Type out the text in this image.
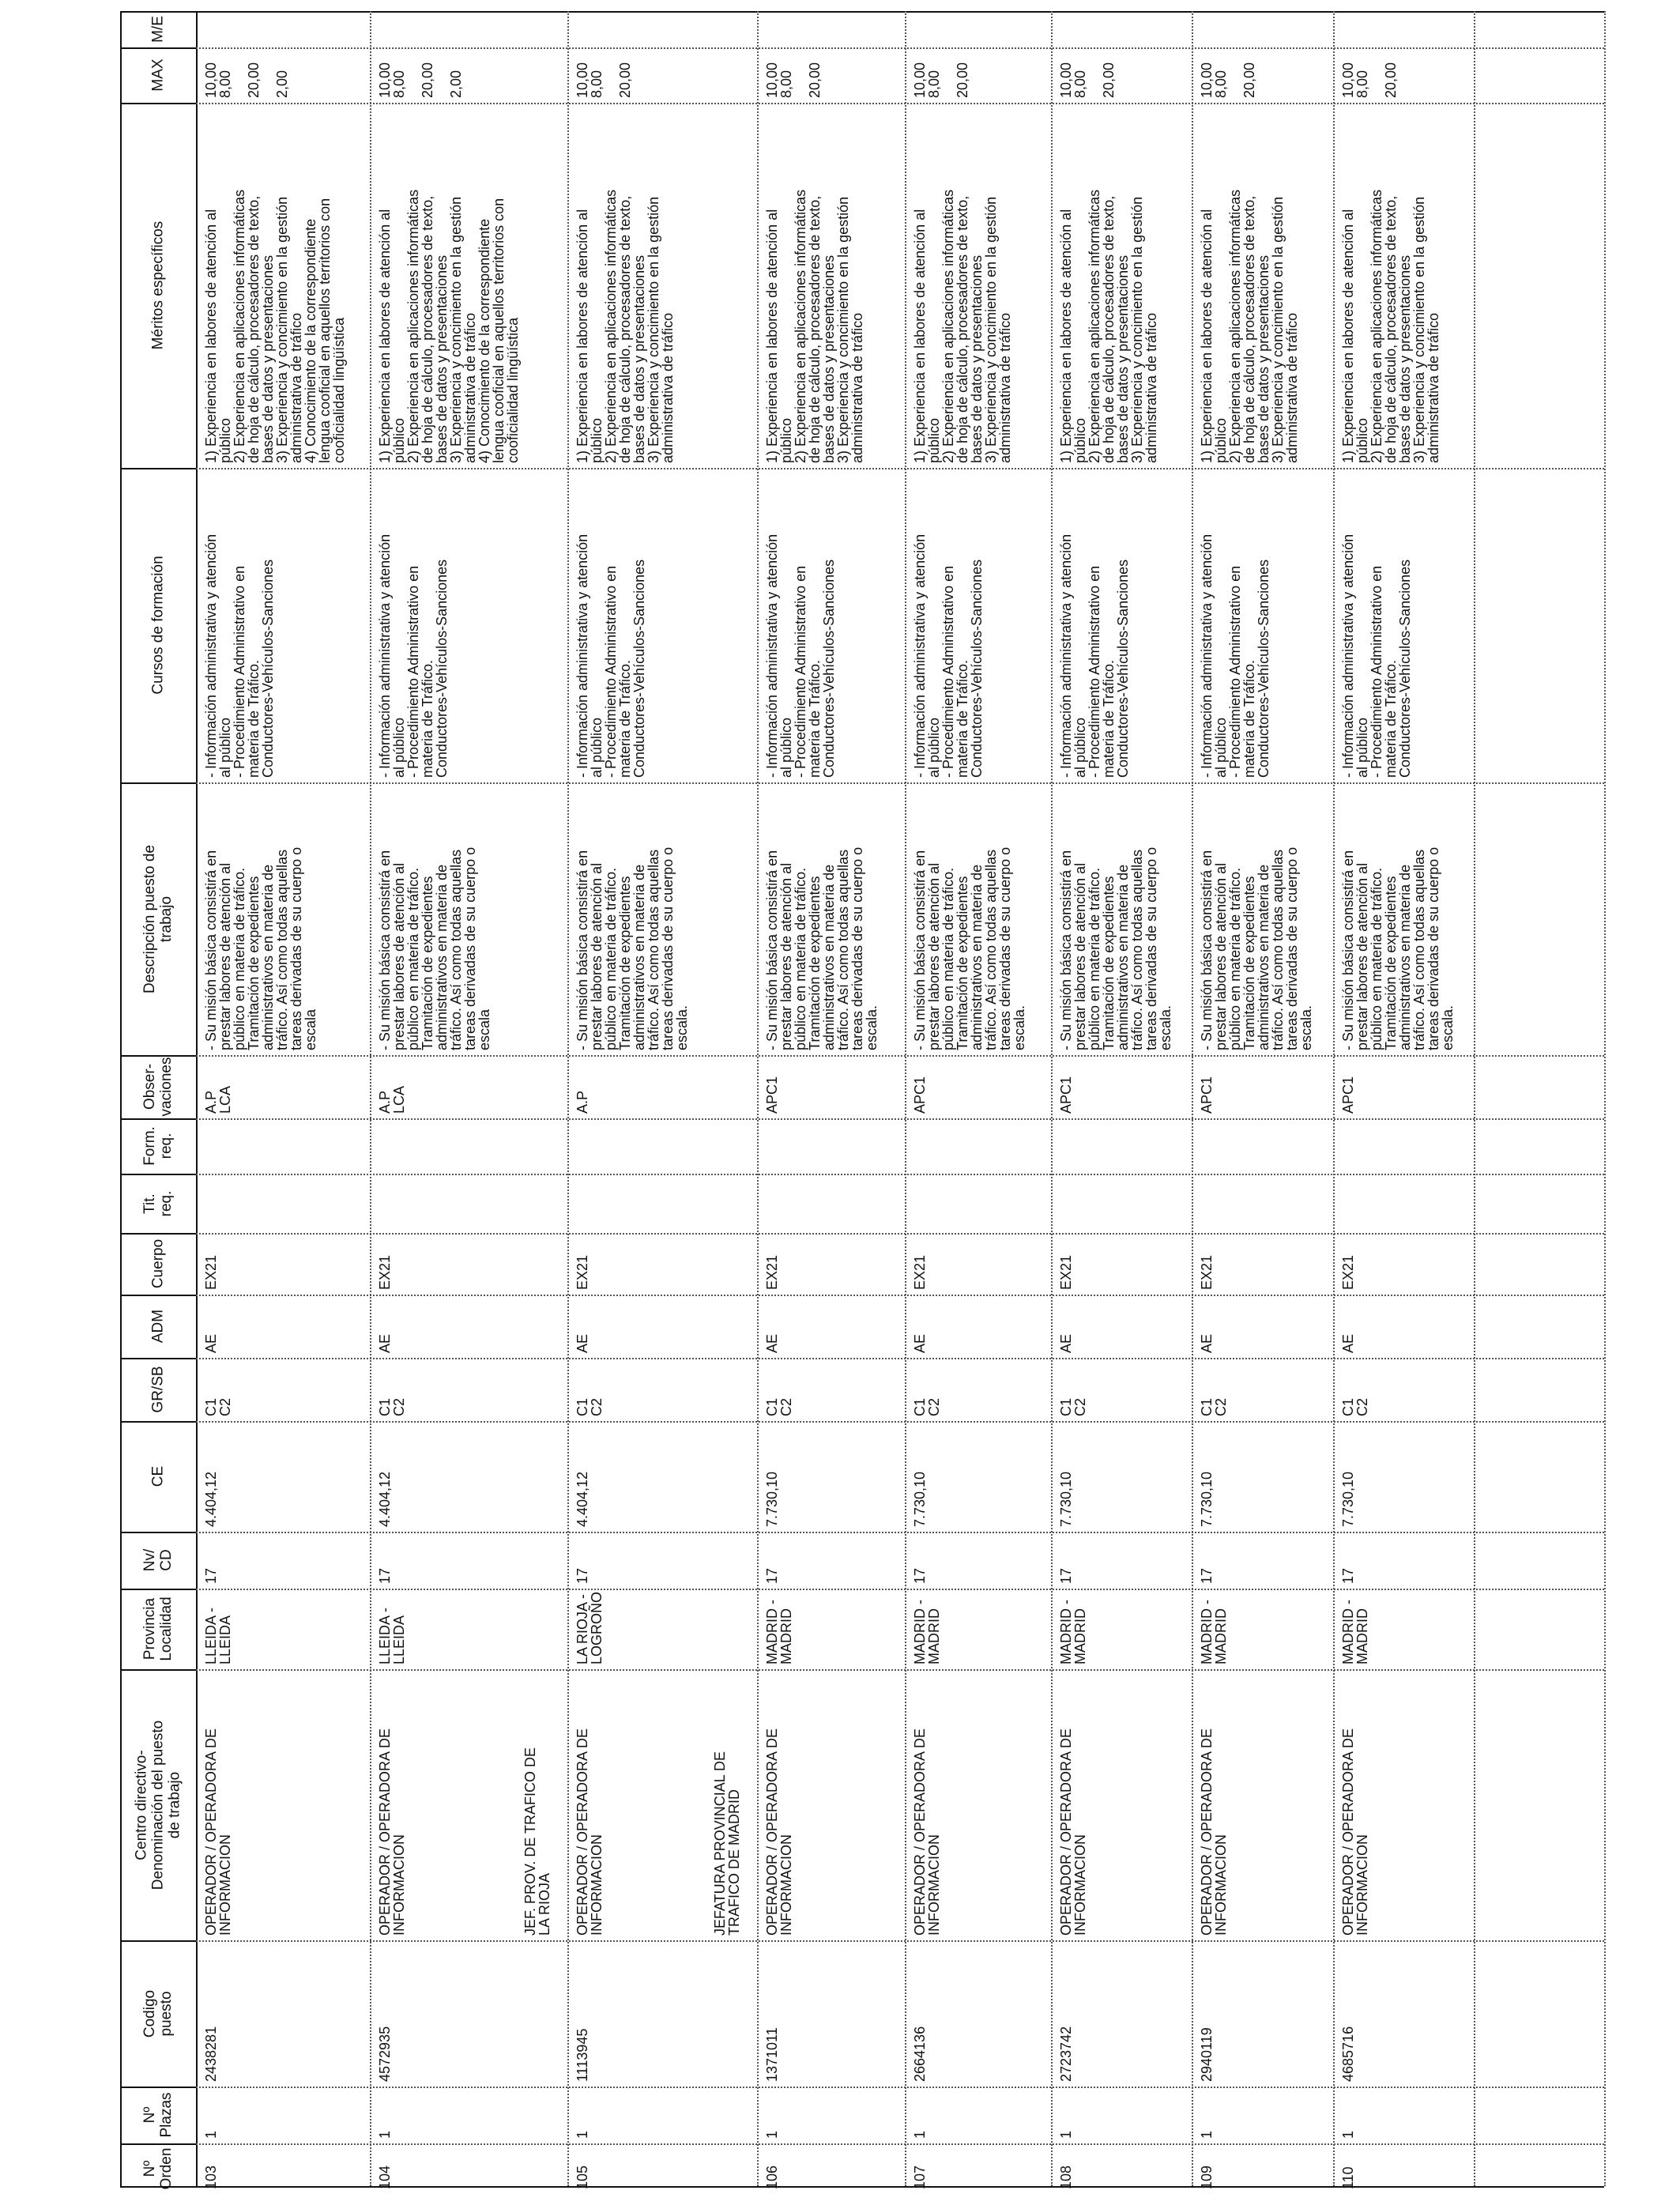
Nº
Orden
Nº
Plazas
Codigo
puesto
Centro directivo-
Denominación del puesto
de trabajo
Provincia
Localidad
Nv/
CD
CE
GR/SB
ADM
Cuerpo
Tit.
req.
Form.
req.
Obser-
vaciones
Descripción puesto de
trabajo
Cursos de formación
Méritos específicos
MAX
M/E
103
1
2438281
OPERADOR / OPERADORA DE
INFORMACION
LLEIDA -
LLEIDA
17
4.404,12
C1
C2
AE
EX21
A.P
LCA
- Su misión básica consistirá en
prestar labores de atención al
público en materia de tráfico.
Tramitación de expedientes
administrativos en materia de
tráfico. Así como todas aquellas
tareas derivadas de su cuerpo o
escala
- Información administrativa y atención
al público
- Procedimiento Administrativo en
materia de Tráfico.
Conductores-Vehículos-Sanciones
1) Experiencia en labores de atención al
público
2) Experiencia en aplicaciones informáticas
de hoja de cálculo, procesadores de texto,
bases de datos y presentaciones
3) Experiencia y concimiento en la gestión
administrativa de tráfico
4) Conocimiento de la correspondiente
lengua cooficial en aquellos territorios con
cooficialidad lingüística
10,00
8,00

20,00

2,00
104
1
4572935
OPERADOR / OPERADORA DE
INFORMACION
LLEIDA -
LLEIDA
17
4.404,12
C1
C2
AE
EX21
A.P
LCA
- Su misión básica consistirá en
prestar labores de atención al
público en materia de tráfico.
Tramitación de expedientes
administrativos en materia de
tráfico. Así como todas aquellas
tareas derivadas de su cuerpo o
escala
- Información administrativa y atención
al público
- Procedimiento Administrativo en
materia de Tráfico.
Conductores-Vehículos-Sanciones
1) Experiencia en labores de atención al
público
2) Experiencia en aplicaciones informáticas
de hoja de cálculo, procesadores de texto,
bases de datos y presentaciones
3) Experiencia y concimiento en la gestión
administrativa de tráfico
4) Conocimiento de la correspondiente
lengua cooficial en aquellos territorios con
cooficialidad lingüística
10,00
8,00

20,00

2,00
105
1
1113945
OPERADOR / OPERADORA DE
INFORMACION
LA RIOJA -
LOGROÑO
17
4.404,12
C1
C2
AE
EX21
A.P
- Su misión básica consistirá en
prestar labores de atención al
público en materia de tráfico.
Tramitación de expedientes
administrativos en materia de
tráfico. Así como todas aquellas
tareas derivadas de su cuerpo o
escala.
- Información administrativa y atención
al público
- Procedimiento Administrativo en
materia de Tráfico.
Conductores-Vehículos-Sanciones
1) Experiencia en labores de atención al
público
2) Experiencia en aplicaciones informáticas
de hoja de cálculo, procesadores de texto,
bases de datos y presentaciones
3) Experiencia y concimiento en la gestión
administrativa de tráfico
10,00
8,00

20,00
JEF. PROV. DE TRAFICO DE
LA RIOJA
106
1
1371011
OPERADOR / OPERADORA DE
INFORMACION
MADRID -
MADRID
17
7.730,10
C1
C2
AE
EX21
APC1
- Su misión básica consistirá en
prestar labores de atención al
público en materia de tráfico.
Tramitación de expedientes
administrativos en materia de
tráfico. Así como todas aquellas
tareas derivadas de su cuerpo o
escala.
- Información administrativa y atención
al público
- Procedimiento Administrativo en
materia de Tráfico.
Conductores-Vehículos-Sanciones
1) Experiencia en labores de atención al
público
2) Experiencia en aplicaciones informáticas
de hoja de cálculo, procesadores de texto,
bases de datos y presentaciones
3) Experiencia y concimiento en la gestión
administrativa de tráfico
10,00
8,00

20,00
JEFATURA PROVINCIAL DE
TRAFICO DE MADRID
107
1
2664136
OPERADOR / OPERADORA DE
INFORMACION
MADRID -
MADRID
17
7.730,10
C1
C2
AE
EX21
APC1
- Su misión básica consistirá en
prestar labores de atención al
público en materia de tráfico.
Tramitación de expedientes
administrativos en materia de
tráfico. Así como todas aquellas
tareas derivadas de su cuerpo o
escala.
- Información administrativa y atención
al público
- Procedimiento Administrativo en
materia de Tráfico.
Conductores-Vehículos-Sanciones
1) Experiencia en labores de atención al
público
2) Experiencia en aplicaciones informáticas
de hoja de cálculo, procesadores de texto,
bases de datos y presentaciones
3) Experiencia y concimiento en la gestión
administrativa de tráfico
10,00
8,00

20,00
108
1
2723742
OPERADOR / OPERADORA DE
INFORMACION
MADRID -
MADRID
17
7.730,10
C1
C2
AE
EX21
APC1
- Su misión básica consistirá en
prestar labores de atención al
público en materia de tráfico.
Tramitación de expedientes
administrativos en materia de
tráfico. Así como todas aquellas
tareas derivadas de su cuerpo o
escala.
- Información administrativa y atención
al público
- Procedimiento Administrativo en
materia de Tráfico.
Conductores-Vehículos-Sanciones
1) Experiencia en labores de atención al
público
2) Experiencia en aplicaciones informáticas
de hoja de cálculo, procesadores de texto,
bases de datos y presentaciones
3) Experiencia y concimiento en la gestión
administrativa de tráfico
10,00
8,00

20,00
109
1
2940119
OPERADOR / OPERADORA DE
INFORMACION
MADRID -
MADRID
17
7.730,10
C1
C2
AE
EX21
APC1
- Su misión básica consistirá en
prestar labores de atención al
público en materia de tráfico.
Tramitación de expedientes
administrativos en materia de
tráfico. Así como todas aquellas
tareas derivadas de su cuerpo o
escala.
- Información administrativa y atención
al público
- Procedimiento Administrativo en
materia de Tráfico.
Conductores-Vehículos-Sanciones
1) Experiencia en labores de atención al
público
2) Experiencia en aplicaciones informáticas
de hoja de cálculo, procesadores de texto,
bases de datos y presentaciones
3) Experiencia y concimiento en la gestión
administrativa de tráfico
10,00
8,00

20,00
110
1
4685716
OPERADOR / OPERADORA DE
INFORMACION
MADRID -
MADRID
17
7.730,10
C1
C2
AE
EX21
APC1
- Su misión básica consistirá en
prestar labores de atención al
público en materia de tráfico.
Tramitación de expedientes
administrativos en materia de
tráfico. Así como todas aquellas
tareas derivadas de su cuerpo o
escala.
- Información administrativa y atención
al público
- Procedimiento Administrativo en
materia de Tráfico.
Conductores-Vehículos-Sanciones
1) Experiencia en labores de atención al
público
2) Experiencia en aplicaciones informáticas
de hoja de cálculo, procesadores de texto,
bases de datos y presentaciones
3) Experiencia y concimiento en la gestión
administrativa de tráfico
10,00
8,00

20,00
